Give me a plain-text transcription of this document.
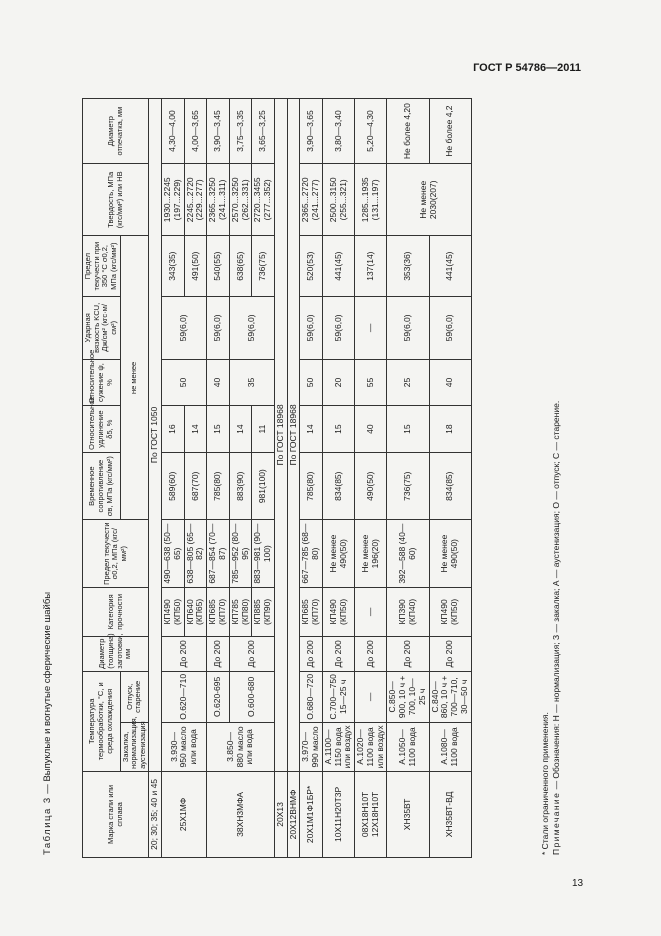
ГОСТ Р 54786—2011
Таблица 3 — Выпуклые и вогнутые сферические шайбы
Марка стали или сплава	Температура термообработки, °С, и среда охлаждения		Диаметр (толщина) заготовки, мм	Категория прочности	Предел текучести σ0,2, МПа (кгс/мм²)	Временное сопротивление σв, МПа (кгс/мм²)	Относительное удлинение δ5, %	Относительное сужение ψ, %	Ударная вязкость KCU, Дж/см² (кгс·м/см²)	Предел текучести при 350 °С σ0,2, МПа (кгс/мм²)	Твердость, МПа (кгс/мм²) или HB	Диаметр отпечатка, мм
	Закалка, нормализация, аустенизация	Отпуск, старение				не менее						
20; 30; 35; 40 и 45	По ГОСТ 1050											
25Х1МФ	3.930—950 масло или вода	О.620—710	До 200	КП490 (КП50)	490—638 (50—65)	589(60)	16	50	59(6,0)	343(35)	1930...2245 (197...229)	4,30—4,00
				КП640 (КП65)	638—805 (65—82)	687(70)	14			491(50)	2245...2720 (229...277)	4,00—3,65
38ХН3МФА	3.850—880 масло или вода	О.620-695	До 200	КП685 (КП70)	687—854 (70—87)	785(80)	15	40	59(6,0)	540(55)	2365...3250 (241...311)	3,90—3,45
		О.600-680	До 200	КП785 (КП80)	785—952 (80—95)	883(90)	14	35	59(6,0)	638(65)	2570...3250 (262...331)	3,75—3,35
				КП885 (КП90)	883—981 (90—100)	981(100)	11			736(75)	2720...3455 (277...352)	3,65—3,25
20Х13	По ГОСТ 18968											
20Х12ВНМФ	По ГОСТ 18968											
20Х1М1Ф1БР*	3.970—990 масло	О.680—720	До 200	КП685 (КП70)	667—785 (68—80)	785(80)	14	50	59(6,0)	520(53)	2365...2720 (241...277)	3,90—3,65
10Х11Н20Т3Р	А.1100—1150 вода или воздух	С.700—750 15—25 ч	До 200	КП490 (КП50)	Не менее 490(50)	834(85)	15	20	59(6,0)	441(45)	2500...3150 (255...321)	3,80—3,40
08Х18Н10Т 12Х18Н10Т	А.1020—1100 вода или воздух	—	До 200	—	Не менее 196(20)	490(50)	40	55	—	137(14)	1285...1935 (131...197)	5,20—4,30
ХН35ВТ	А.1050—1100 вода	С.850—900, 10 ч + 700, 10—25 ч	До 200	КП390 (КП40)	392—588 (40—60)	736(75)	15	25	59(6,0)	353(36)	Не менее 2030(207)	Не более 4,20
ХН35ВТ-ВД	А.1080—1100 вода	С.840—860, 10 ч + 700—710, 30—50 ч	До 200	КП490 (КП50)	Не менее 490(50)	834(85)	18	40	59(6,0)	441(45)		Не более 4,2
* Стали ограниченного применения. Примечание — Обозначения: Н — нормализация; З — закалка; А — аустенизация; О — отпуск; С — старение.
13
